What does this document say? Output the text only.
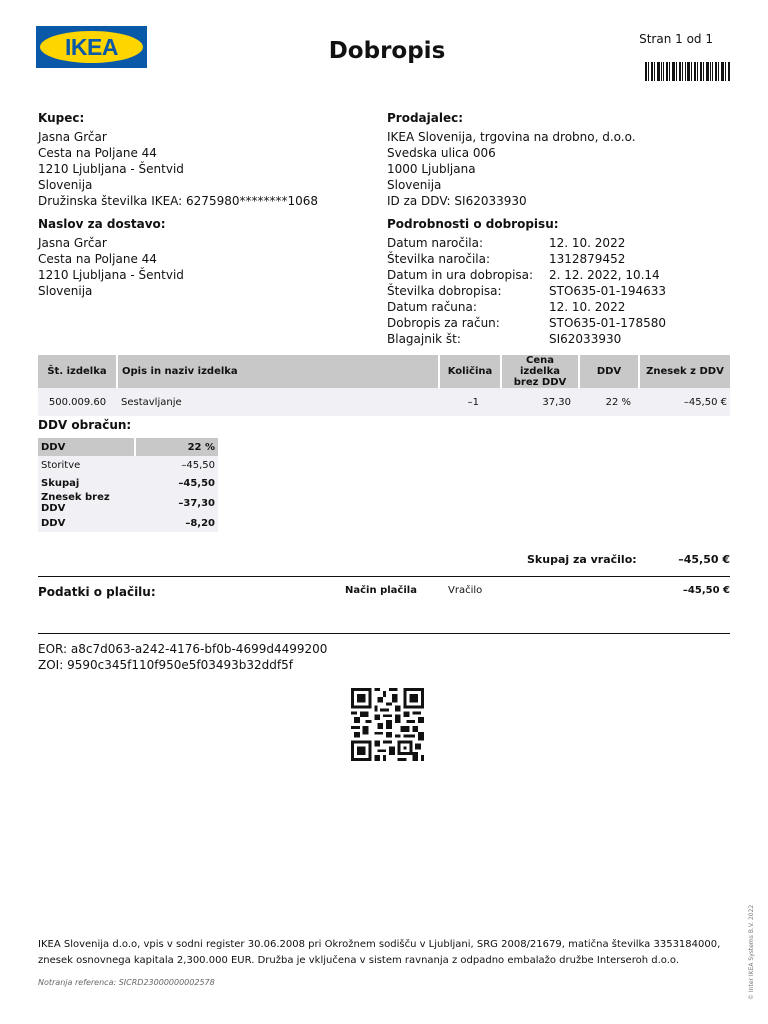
IKEA	Dobropis	Stran 1 od 1
Kupec:
Jasna Grčar
Cesta na Poljane 44
1210 Ljubljana - Šentvid
Slovenija
Družinska številka IKEA: 6275980********1068
Prodajalec:
IKEA Slovenija, trgovina na drobno, d.o.o.
Svedska ulica 006
1000 Ljubljana
Slovenija
ID za DDV: SI62033930
Naslov za dostavo:
Jasna Grčar
Cesta na Poljane 44
1210 Ljubljana - Šentvid
Slovenija
Podrobnosti o dobropisu:
Datum naročila:	12. 10. 2022
Številka naročila:	1312879452
Datum in ura dobropisa:	2. 12. 2022, 10.14
Številka dobropisa:	STO635-01-194633
Datum računa:	12. 10. 2022
Dobropis za račun:	STO635-01-178580
Blagajnik št:	SI62033930
Št. izdelka	Opis in naziv izdelka	Količina	Cena izdelka brez DDV	DDV	Znesek z DDV
500.009.60	Sestavljanje	–1	37,30	22 %	–45,50 €
DDV obračun:
DDV	22 %
Storitve	–45,50
Skupaj	–45,50
Znesek brez DDV	–37,30
DDV	–8,20
Skupaj za vračilo:	–45,50 €
Podatki o plačilu:	Način plačila	Vračilo	–45,50 €
EOR: a8c7d063-a242-4176-bf0b-4699d4499200
ZOI: 9590c345f110f950e5f03493b32ddf5f
IKEA Slovenija d.o.o, vpis v sodni register 30.06.2008 pri Okrožnem sodišču v Ljubljani, SRG 2008/21679, matična številka 3353184000, znesek osnovnega kapitala 2,300.000 EUR. Družba je vključena v sistem ravnanja z odpadno embalažo družbe Interseroh d.o.o.
Notranja referenca: SICRD23000000002578	© Inter IKEA Systems B.V. 2022
